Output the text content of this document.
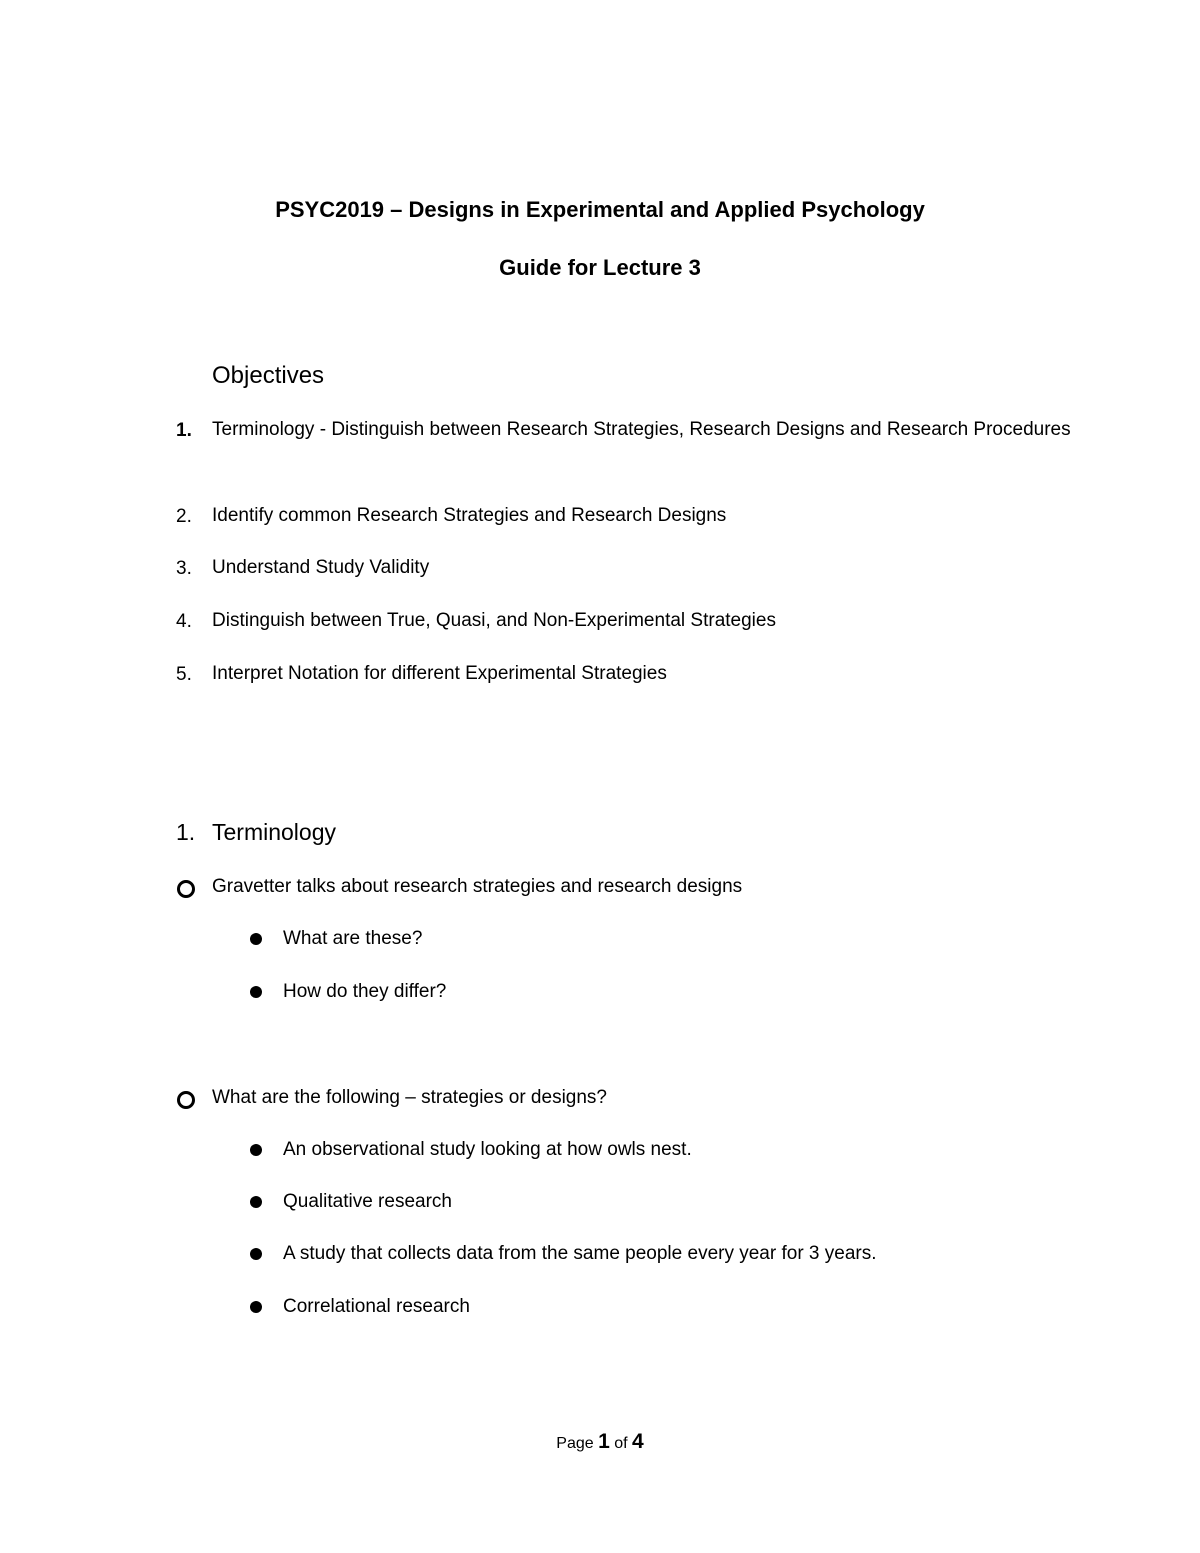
PSYC2019 – Designs in Experimental and Applied Psychology
Guide for Lecture 3
Objectives
1.	Terminology - Distinguish between Research Strategies, Research Designs and Research Procedures
2.	Identify common Research Strategies and Research Designs
3.	Understand Study Validity
4.	Distinguish between True, Quasi, and Non-Experimental Strategies
5.	Interpret Notation for different Experimental Strategies
1. Terminology
Gravetter talks about research strategies and research designs
What are these?
How do they differ?
What are the following – strategies or designs?
An observational study looking at how owls nest.
Qualitative research
A study that collects data from the same people every year for 3 years.
Correlational research
Page 1 of 4
